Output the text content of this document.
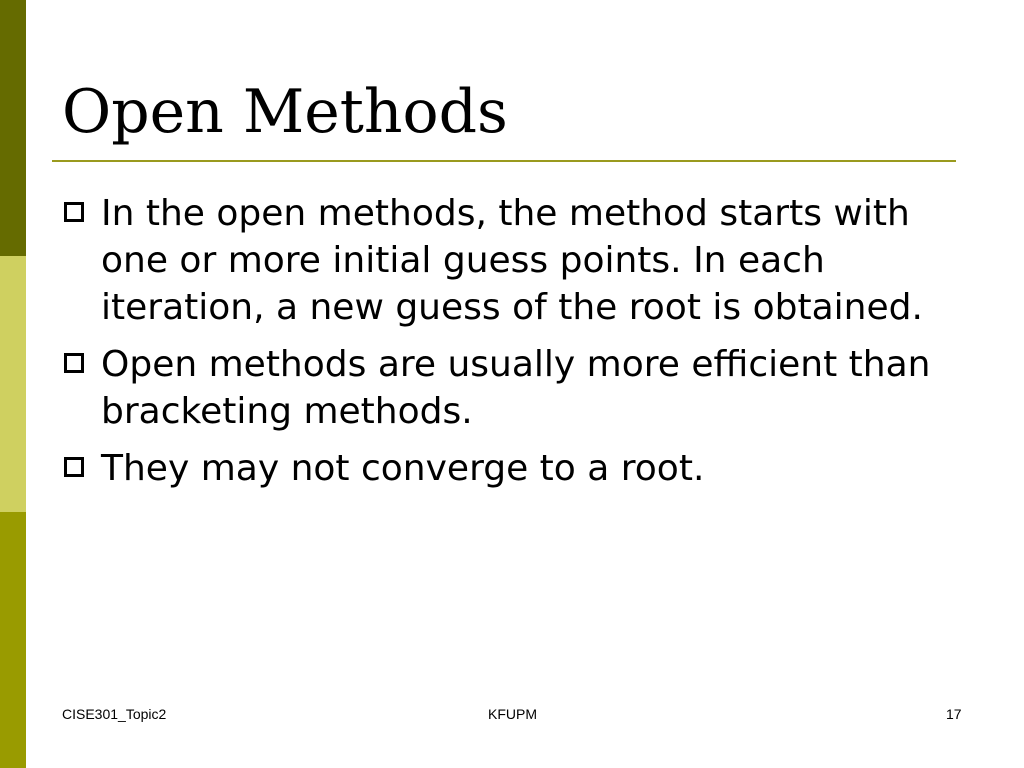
Open Methods
In the open methods, the method starts with one or more initial guess points. In each iteration, a new guess of the root is obtained.
Open methods are usually more efficient than bracketing methods.
They may not converge to a root.
CISE301_Topic2	KFUPM	17
